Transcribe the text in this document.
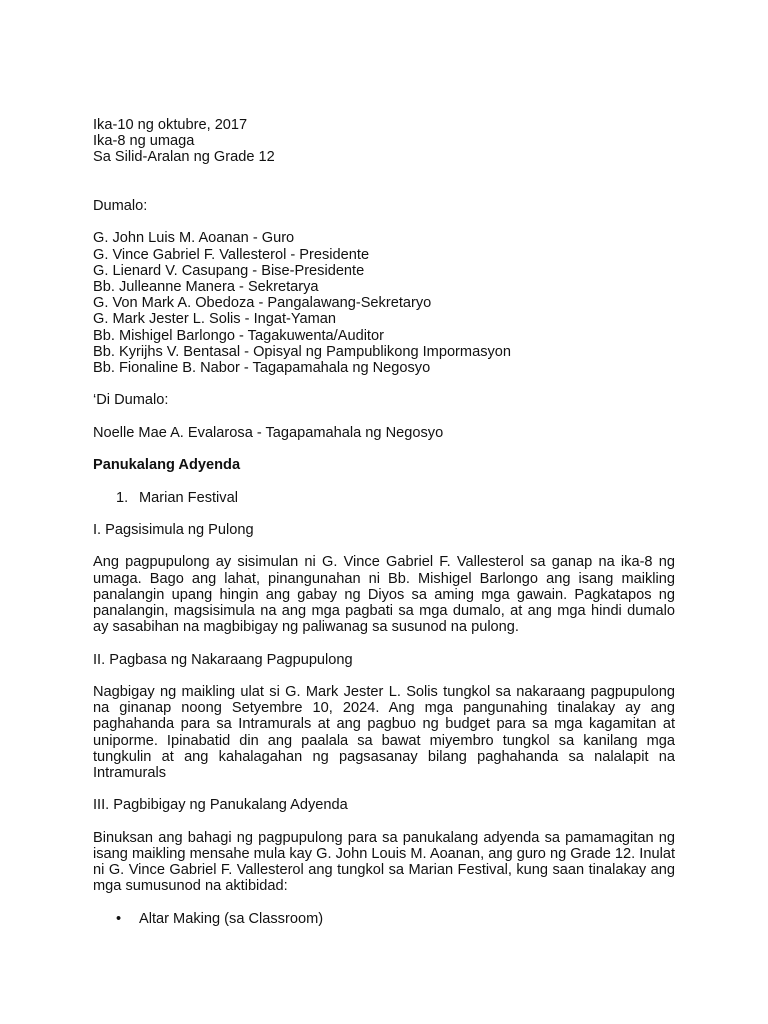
Ika-10 ng oktubre, 2017
Ika-8 ng umaga
Sa Silid-Aralan ng Grade 12
Dumalo:
G. John Luis M. Aoanan - Guro
G. Vince Gabriel F. Vallesterol - Presidente
G. Lienard V. Casupang - Bise-Presidente
Bb. Julleanne Manera - Sekretarya
G. Von Mark A. Obedoza - Pangalawang-Sekretaryo
G. Mark Jester L. Solis - Ingat-Yaman
Bb. Mishigel Barlongo - Tagakuwenta/Auditor
Bb. Kyrijhs V. Bentasal - Opisyal ng Pampublikong Impormasyon
Bb. Fionaline B. Nabor - Tagapamahala ng Negosyo
‘Di Dumalo:
Noelle Mae A. Evalarosa - Tagapamahala ng Negosyo
Panukalang Adyenda
1. Marian Festival
I. Pagsisimula ng Pulong

Ang pagpupulong ay sisimulan ni G. Vince Gabriel F. Vallesterol sa ganap na ika-8 ng umaga. Bago ang lahat, pinangunahan ni Bb. Mishigel Barlongo ang isang maikling panalangin upang hingin ang gabay ng Diyos sa aming mga gawain. Pagkatapos ng panalangin, magsisimula na ang mga pagbati sa mga dumalo, at ang mga hindi dumalo ay sasabihan na magbibigay ng paliwanag sa susunod na pulong.

II. Pagbasa ng Nakaraang Pagpupulong

Nagbigay ng maikling ulat si G. Mark Jester L. Solis tungkol sa nakaraang pagpupulong na ginanap noong Setyembre 10, 2024. Ang mga pangunahing tinalakay ay ang paghahanda para sa Intramurals at ang pagbuo ng budget para sa mga kagamitan at uniporme. Ipinabatid din ang paalala sa bawat miyembro tungkol sa kanilang mga tungkulin at ang kahalagahan ng pagsasanay bilang paghahanda sa nalalapit na Intramurals

III. Pagbibigay ng Panukalang Adyenda

Binuksan ang bahagi ng pagpupulong para sa panukalang adyenda sa pamamagitan ng isang maikling mensahe mula kay G. John Louis M. Aoanan, ang guro ng Grade 12. Inulat ni G. Vince Gabriel F. Vallesterol ang tungkol sa Marian Festival, kung saan tinalakay ang mga sumusunod na aktibidad:

• Altar Making (sa Classroom)
